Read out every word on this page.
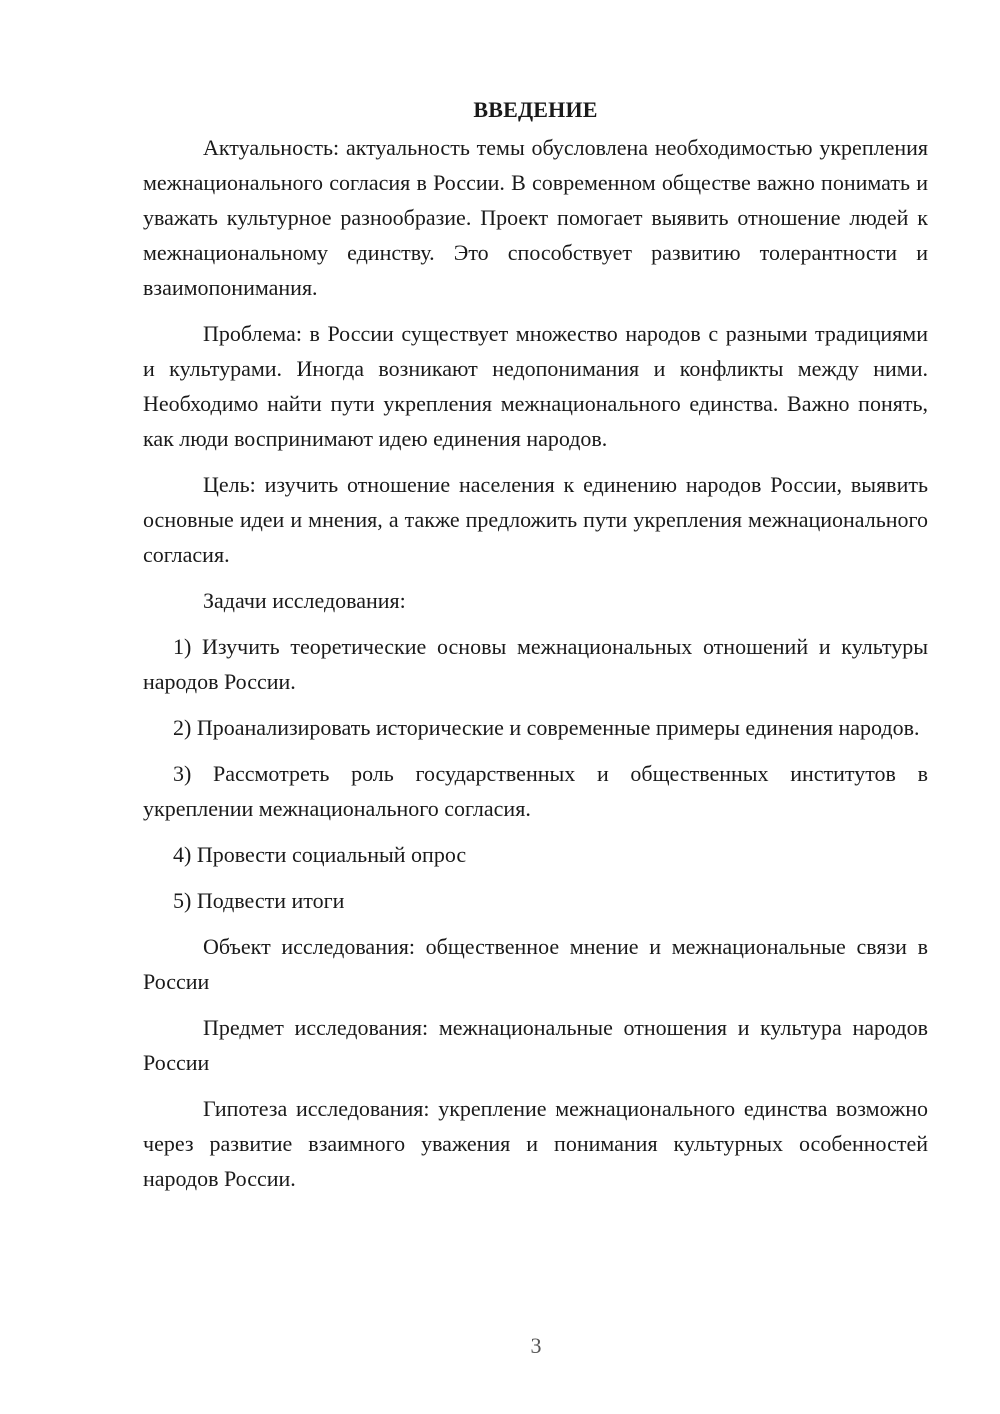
ВВЕДЕНИЕ

Актуальность: актуальность темы обусловлена необходимостью укрепления межнационального согласия в России. В современном обществе важно понимать и уважать культурное разнообразие. Проект помогает выявить отношение людей к межнациональному единству. Это способствует развитию толерантности и взаимопонимания.

Проблема: в России существует множество народов с разными традициями и культурами. Иногда возникают недопонимания и конфликты между ними. Необходимо найти пути укрепления межнационального единства. Важно понять, как люди воспринимают идею единения народов.

Цель: изучить отношение населения к единению народов России, выявить основные идеи и мнения, а также предложить пути укрепления межнационального согласия.

Задачи исследования:

1) Изучить теоретические основы межнациональных отношений и культуры народов России.

2) Проанализировать исторические и современные примеры единения народов.

3) Рассмотреть роль государственных и общественных институтов в укреплении межнационального согласия.

4) Провести социальный опрос

5) Подвести итоги

Объект исследования: общественное мнение и межнациональные связи в России

Предмет исследования: межнациональные отношения и культура народов России

Гипотеза исследования: укрепление межнационального единства возможно через развитие взаимного уважения и понимания культурных особенностей народов России.

3
